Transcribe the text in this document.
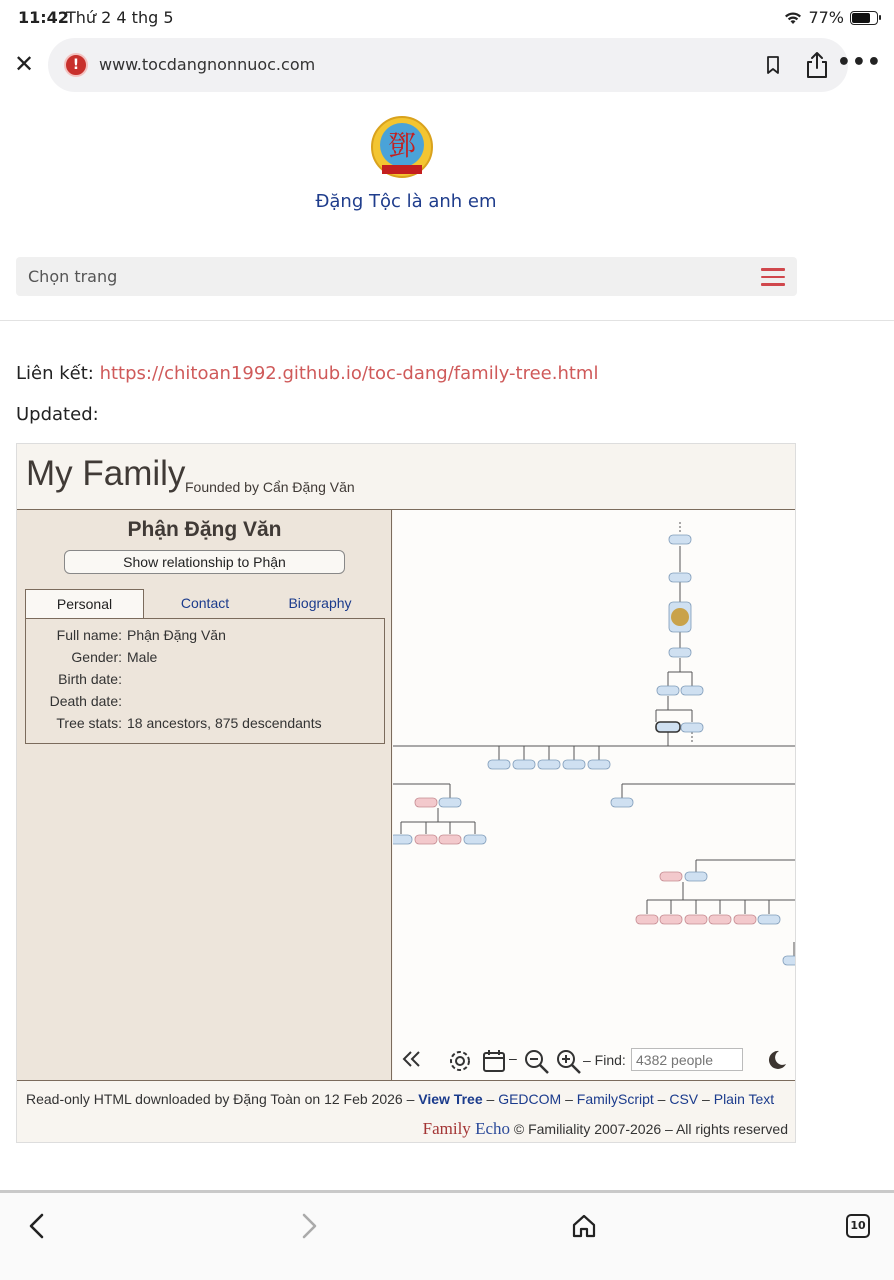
11:42
Thứ 2 4 thg 5	77%
✕	!	www.tocdangnonnuoc.com	•••
鄧
Đặng Tộc là anh em
Chọn trang
Liên kết: https://chitoan1992.github.io/toc-dang/family-tree.html
Updated:
My Family Founded by Cẩn Đặng Văn
Phận Đặng Văn
Show relationship to Phận
Personal	Contact	Biography
Full name: Phận Đặng Văn
Gender: Male
Birth date:
Death date:
Tree stats: 18 ancestors, 875 descendants
–	– Find:
4382 people
Read-only HTML downloaded by Đặng Toàn on 12 Feb 2026 – View Tree – GEDCOM – FamilyScript – CSV – Plain Text
Family Echo © Familiality 2007-2026 – All rights reserved
10
